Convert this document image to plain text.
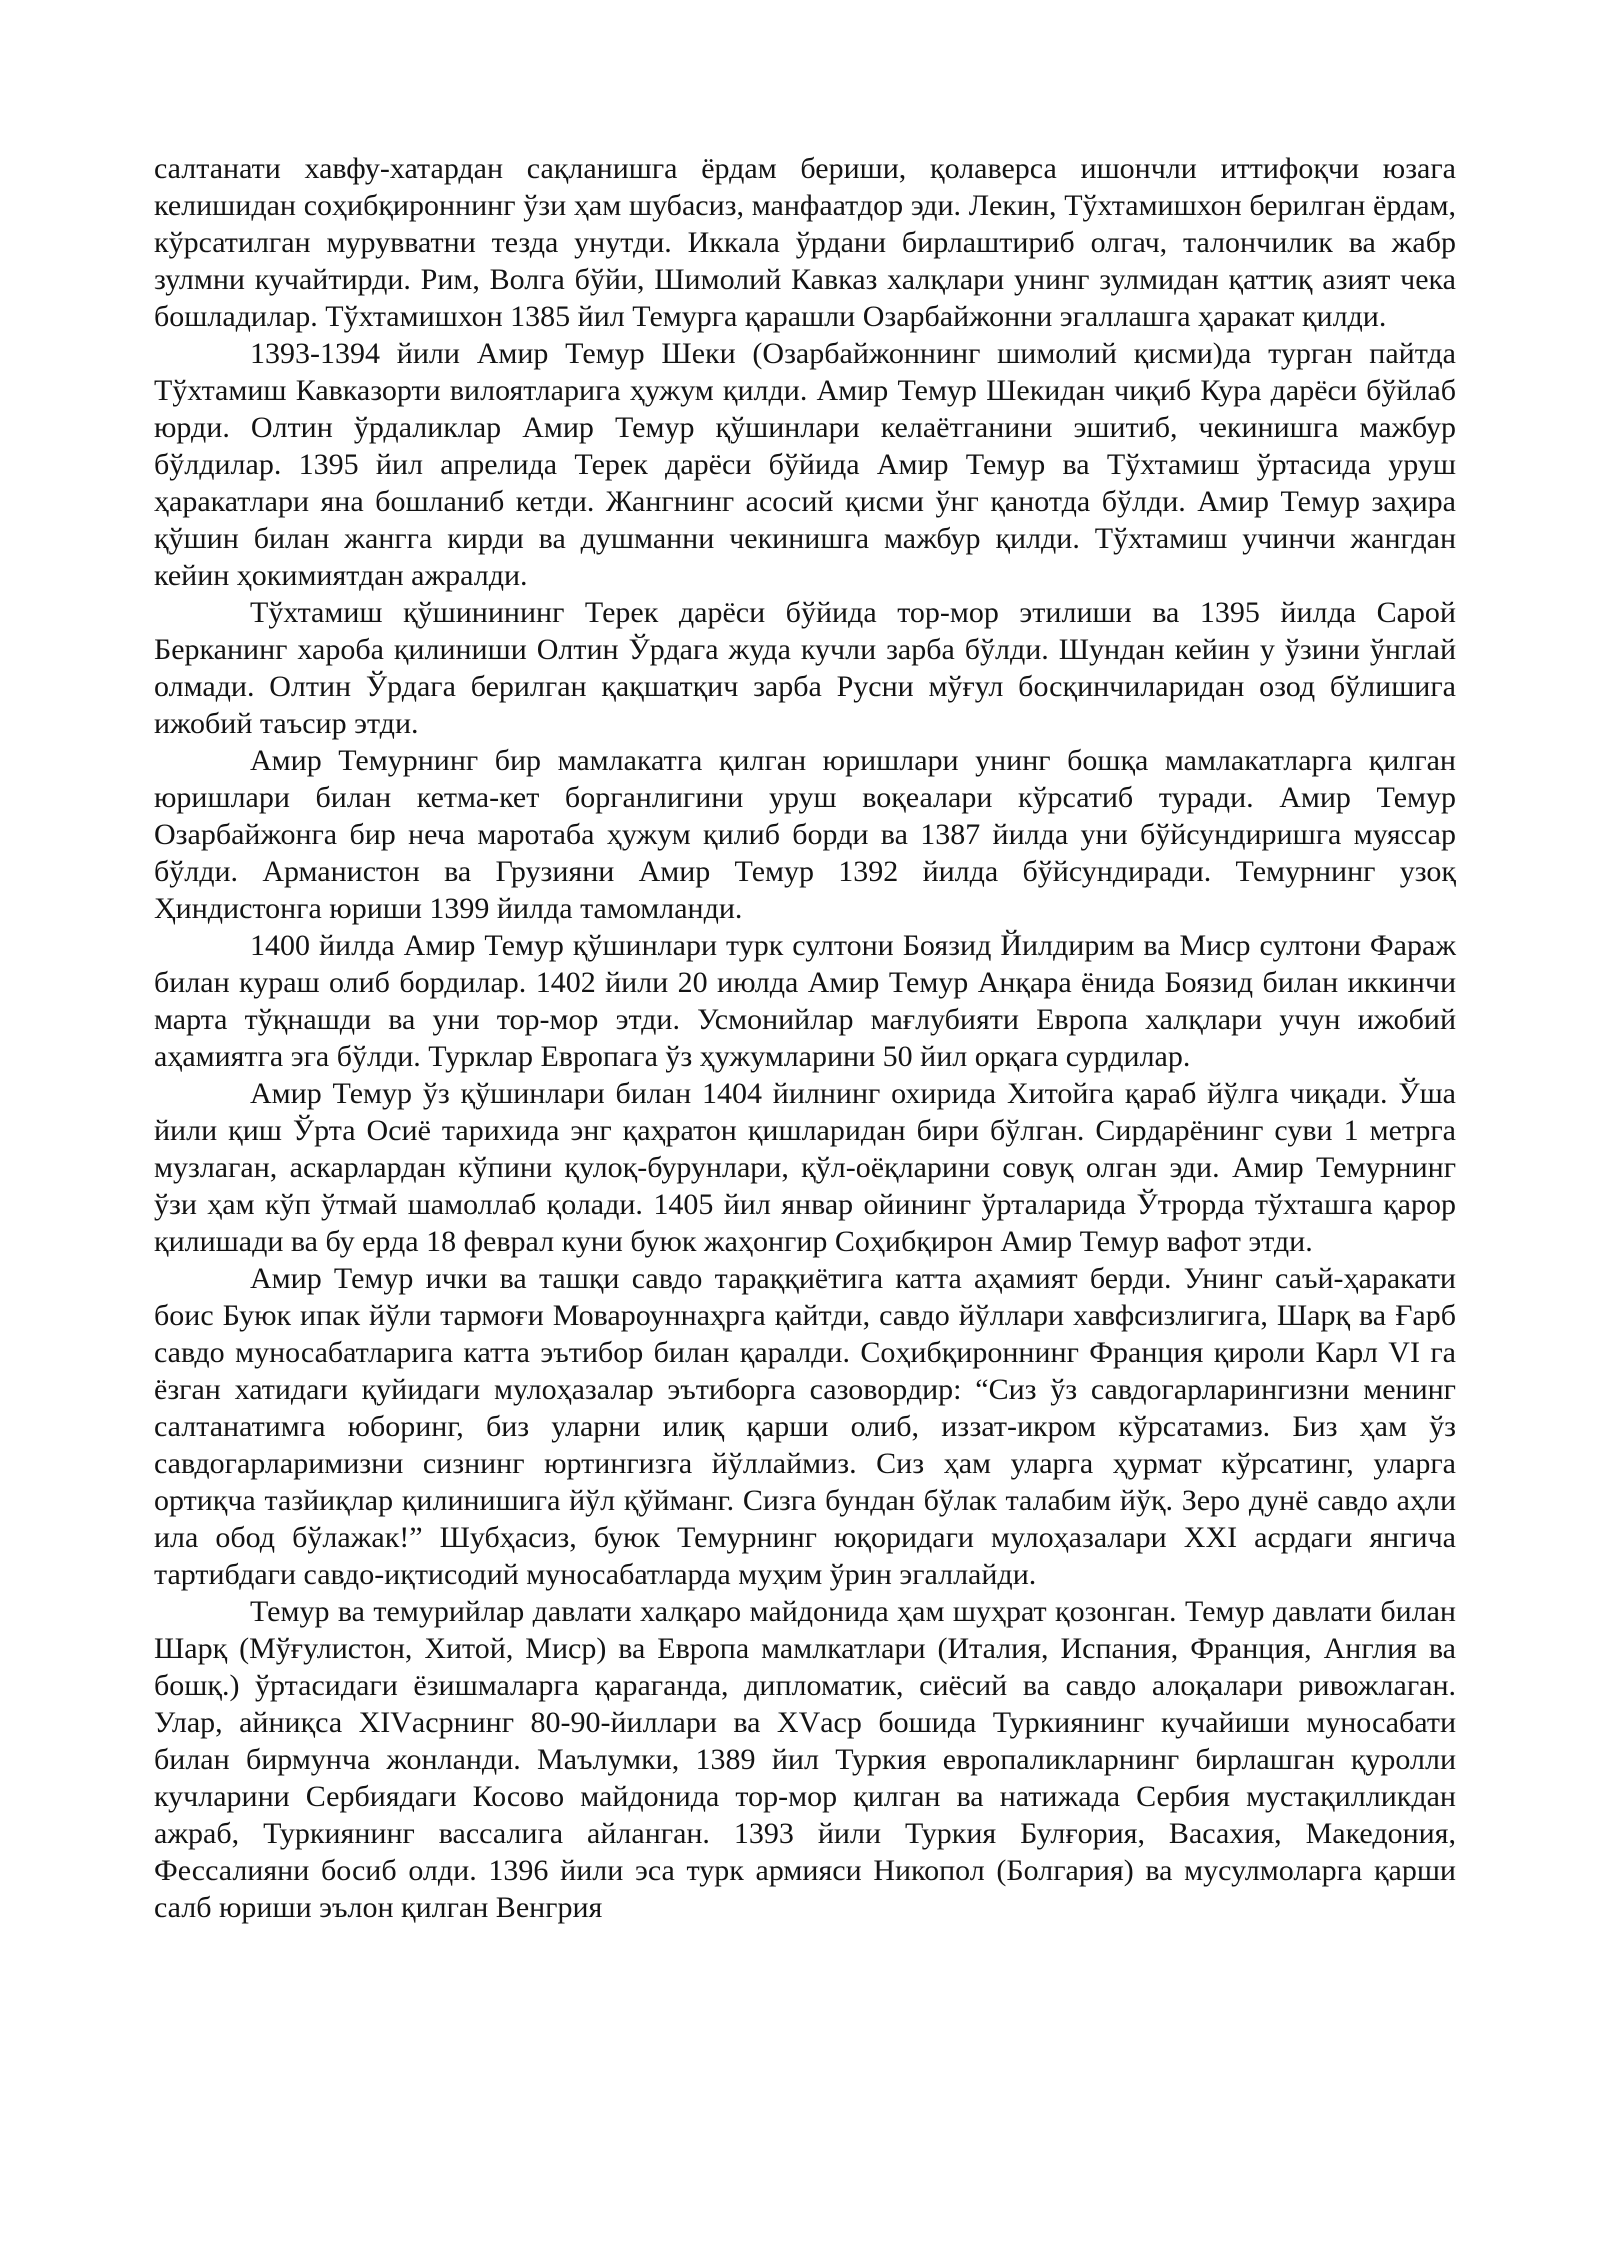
салтанати хавфу-хатардан сақланишга ёрдам бериши, қолаверса ишончли иттифоқчи юзага келишидан соҳибқироннинг ўзи ҳам шубасиз, манфаатдор эди. Лекин, Тўхтамишхон берилган ёрдам, кўрсатилган мурувватни тезда унутди. Иккала ўрдани бирлаштириб олгач, талончилик ва жабр зулмни кучайтирди. Рим, Волга бўйи, Шимолий Кавказ халқлари унинг зулмидан қаттиқ азият чека бошладилар. Тўхтамишхон 1385 йил Темурга қарашли Озарбайжонни эгаллашга ҳаракат қилди.

1393-1394 йили Амир Темур Шеки (Озарбайжоннинг шимолий қисми)да турган пайтда Тўхтамиш Кавказорти вилоятларига ҳужум қилди. Амир Темур Шекидан чиқиб Кура дарёси бўйлаб юрди. Олтин ўрдаликлар Амир Темур қўшинлари келаётганини эшитиб, чекинишга мажбур бўлдилар. 1395 йил апрелида Терек дарёси бўйида Амир Темур ва Тўхтамиш ўртасида уруш ҳаракатлари яна бошланиб кетди. Жангнинг асосий қисми ўнг қанотда бўлди. Амир Темур заҳира қўшин билан жангга кирди ва душманни чекинишга мажбур қилди. Тўхтамиш учинчи жангдан кейин ҳокимиятдан ажралди.

Тўхтамиш қўшинининг Терек дарёси бўйида тор-мор этилиши ва 1395 йилда Сарой Берканинг хароба қилиниши Олтин Ўрдага жуда кучли зарба бўлди. Шундан кейин у ўзини ўнглай олмади. Олтин Ўрдага берилган қақшатқич зарба Русни мўғул босқинчиларидан озод бўлишига ижобий таъсир этди.

Амир Темурнинг бир мамлакатга қилган юришлари унинг бошқа мамлакатларга қилган юришлари билан кетма-кет борганлигини уруш воқеалари кўрсатиб туради. Амир Темур Озарбайжонга бир неча маротаба ҳужум қилиб борди ва 1387 йилда уни бўйсундиришга муяссар бўлди. Арманистон ва Грузияни Амир Темур 1392 йилда бўйсундиради. Темурнинг узоқ Ҳиндистонга юриши 1399 йилда тамомланди.

1400 йилда Амир Темур қўшинлари турк султони Боязид Йилдирим ва Миср султони Фараж билан кураш олиб бордилар. 1402 йили 20 июлда Амир Темур Анқара ёнида Боязид билан иккинчи марта тўқнашди ва уни тор-мор этди. Усмонийлар мағлубияти Европа халқлари учун ижобий аҳамиятга эга бўлди. Турклар Европага ўз ҳужумларини 50 йил орқага сурдилар.

Амир Темур ўз қўшинлари билан 1404 йилнинг охирида Хитойга қараб йўлга чиқади. Ўша йили қиш Ўрта Осиё тарихида энг қаҳратон қишларидан бири бўлган. Сирдарёнинг суви 1 метрга музлаган, аскарлардан кўпини қулоқ-бурунлари, қўл-оёқларини совуқ олган эди. Амир Темурнинг ўзи ҳам кўп ўтмай шамоллаб қолади. 1405 йил январ ойининг ўрталарида Ўтрорда тўхташга қарор қилишади ва бу ерда 18 феврал куни буюк жаҳонгир Соҳибқирон Амир Темур вафот этди.

Амир Темур ички ва ташқи савдо тараққиётига катта аҳамият берди. Унинг саъй-ҳаракати боис Буюк ипак йўли тармоғи Мовароуннаҳрга қайтди, савдо йўллари хавфсизлигига, Шарқ ва Ғарб савдо муносабатларига катта эътибор билан қаралди. Соҳибқироннинг Франция қироли Карл VI га ёзган хатидаги қуйидаги мулоҳазалар эътиборга сазовордир: “Сиз ўз савдогарларингизни менинг салтанатимга юборинг, биз уларни илиқ қарши олиб, иззат-икром кўрсатамиз. Биз ҳам ўз савдогарларимизни сизнинг юртингизга йўллаймиз. Сиз ҳам уларга ҳурмат кўрсатинг, уларга ортиқча тазйиқлар қилинишига йўл қўйманг. Сизга бундан бўлак талабим йўқ. Зеро дунё савдо аҳли ила обод бўлажак!” Шубҳасиз, буюк Темурнинг юқоридаги мулоҳазалари XXI асрдаги янгича тартибдаги савдо-иқтисодий муносабатларда муҳим ўрин эгаллайди.

Темур ва темурийлар давлати халқаро майдонида ҳам шуҳрат қозонган. Темур давлати билан Шарқ (Мўғулистон, Хитой, Миср) ва Европа мамлкатлари (Италия, Испания, Франция, Англия ва бошқ.) ўртасидаги ёзишмаларга қараганда, дипломатик, сиёсий ва савдо алоқалари ривожлаган. Улар, айниқса XIVасрнинг 80-90-йиллари ва XVаср бошида Туркиянинг кучайиши муносабати билан бирмунча жонланди. Маълумки, 1389 йил Туркия европаликларнинг бирлашган қуролли кучларини Сербиядаги Косово майдонида тор-мор қилган ва натижада Сербия мустақилликдан ажраб, Туркиянинг вассалига айланган. 1393 йили Туркия Булғория, Васахия, Македония, Фессалияни босиб олди. 1396 йили эса турк армияси Никопол (Болгария) ва мусулмоларга қарши салб юриши эълон қилган Венгрия
